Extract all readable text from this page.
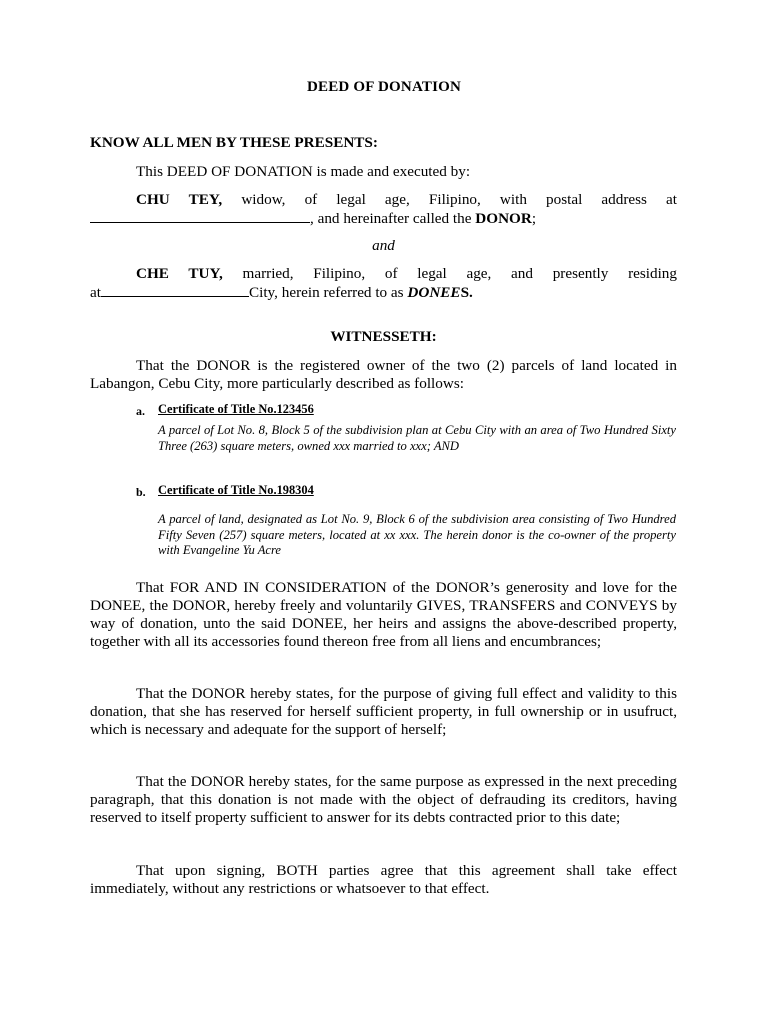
DEED OF DONATION
KNOW ALL MEN BY THESE PRESENTS:
This DEED OF DONATION is made and executed by:
CHU TEY, widow, of legal age, Filipino, with postal address at
, and hereinafter called the DONOR;
and
CHE TUY, married, Filipino, of legal age, and presently residing
at	City, herein referred to as DONEES.
WITNESSETH:
That the DONOR is the registered owner of the two (2) parcels of land located in Labangon, Cebu City, more particularly described as follows:
a. Certificate of Title No.123456
A parcel of Lot No. 8, Block 5 of the subdivision plan at Cebu City with an area of Two Hundred Sixty Three (263) square meters, owned xxx married to xxx; AND
b. Certificate of Title No.198304
A parcel of land, designated as Lot No. 9, Block 6 of the subdivision area consisting of Two Hundred Fifty Seven (257) square meters, located at xx xxx. The herein donor is the co-owner of the property with Evangeline Yu Acre
That FOR AND IN CONSIDERATION of the DONOR’s generosity and love for the DONEE, the DONOR, hereby freely and voluntarily GIVES, TRANSFERS and CONVEYS by way of donation, unto the said DONEE, her heirs and assigns the above-described property, together with all its accessories found thereon free from all liens and encumbrances;
That the DONOR hereby states, for the purpose of giving full effect and validity to this donation, that she has reserved for herself sufficient property, in full ownership or in usufruct, which is necessary and adequate for the support of herself;
That the DONOR hereby states, for the same purpose as expressed in the next preceding paragraph, that this donation is not made with the object of defrauding its creditors, having reserved to itself property sufficient to answer for its debts contracted prior to this date;
That upon signing, BOTH parties agree that this agreement shall take effect immediately, without any restrictions or whatsoever to that effect.
